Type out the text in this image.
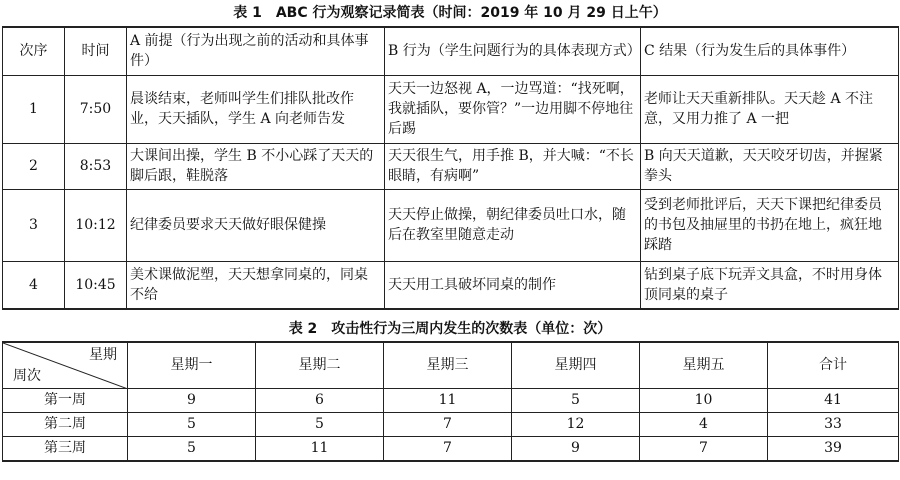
表 1　ABC 行为观察记录简表（时间：2019 年 10 月 29 日上午）
次序	时间	A 前提（行为出现之前的活动和具体事件）	B 行为（学生问题行为的具体表现方式）	C 结果（行为发生后的具体事件）
1	7:50	晨谈结束，老师叫学生们排队批改作业，天天插队，学生 A 向老师告发	天天一边怒视 A，一边骂道：“找死啊，我就插队，要你管？”一边用脚不停地往后踢	老师让天天重新排队。天天趁 A 不注意，又用力推了 A 一把
2	8:53	大课间出操，学生 B 不小心踩了天天的脚后跟，鞋脱落	天天很生气，用手推 B，并大喊：“不长眼睛，有病啊”	B 向天天道歉，天天咬牙切齿，并握紧拳头
3	10:12	纪律委员要求天天做好眼保健操	天天停止做操，朝纪律委员吐口水，随后在教室里随意走动	受到老师批评后，天天下课把纪律委员的书包及抽屉里的书扔在地上，疯狂地踩踏
4	10:45	美术课做泥塑，天天想拿同桌的，同桌不给	天天用工具破坏同桌的制作	钻到桌子底下玩弄文具盒，不时用身体顶同桌的桌子
表 2　攻击性行为三周内发生的次数表（单位：次）
星期
周次	星期一	星期二	星期三	星期四	星期五	合计
第一周	9	6	11	5	10	41
第二周	5	5	7	12	4	33
第三周	5	11	7	9	7	39
